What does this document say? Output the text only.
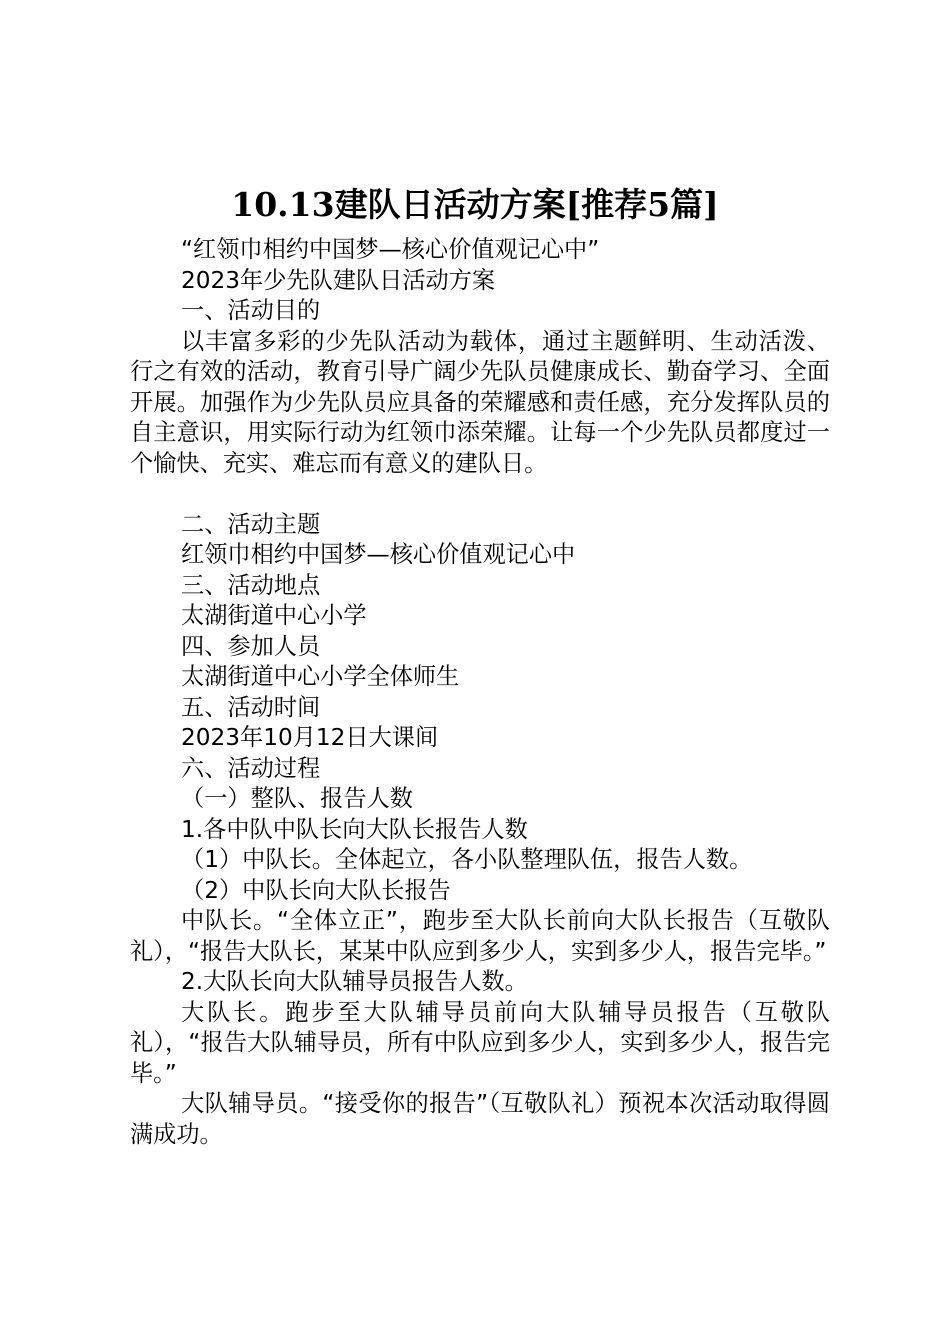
10.13建队日活动方案[推荐5篇]

“红领巾相约中国梦—核心价值观记心中”

2023年少先队建队日活动方案

一、活动目的

以丰富多彩的少先队活动为载体，通过主题鲜明、生动活泼、行之有效的活动，教育引导广阔少先队员健康成长、勤奋学习、全面开展。加强作为少先队员应具备的荣耀感和责任感，充分发挥队员的自主意识，用实际行动为红领巾添荣耀。让每一个少先队员都度过一个愉快、充实、难忘而有意义的建队日。

二、活动主题

红领巾相约中国梦—核心价值观记心中

三、活动地点

太湖街道中心小学

四、参加人员

太湖街道中心小学全体师生

五、活动时间

2023年10月12日大课间

六、活动过程

（一）整队、报告人数

1.各中队中队长向大队长报告人数

（1）中队长。全体起立，各小队整理队伍，报告人数。

（2）中队长向大队长报告

中队长。“全体立正”，跑步至大队长前向大队长报告（互敬队礼），“报告大队长，某某中队应到多少人，实到多少人，报告完毕。”

2.大队长向大队辅导员报告人数。

大队长。跑步至大队辅导员前向大队辅导员报告（互敬队礼），“报告大队辅导员，所有中队应到多少人，实到多少人，报告完毕。”

大队辅导员。“接受你的报告”（互敬队礼）预祝本次活动取得圆满成功。
